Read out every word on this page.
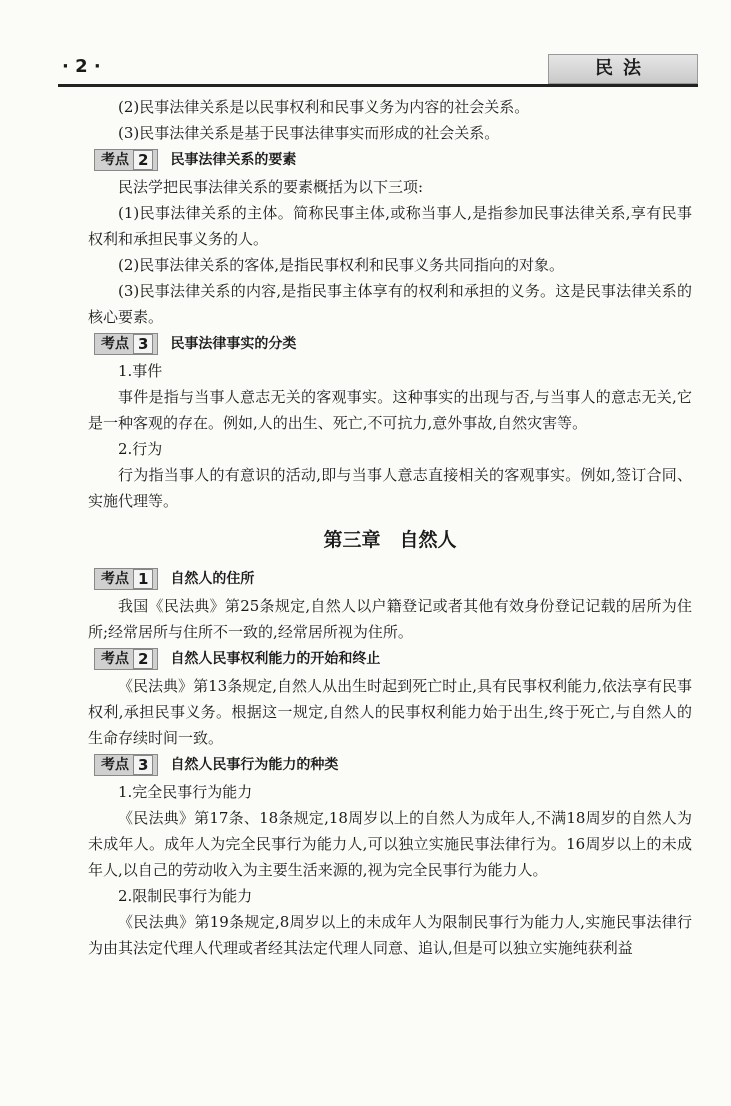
· 2 ·	民法

(2)民事法律关系是以民事权利和民事义务为内容的社会关系。

(3)民事法律关系是基于民事法律事实而形成的社会关系。

考点 2	民事法律关系的要素

民法学把民事法律关系的要素概括为以下三项:

(1)民事法律关系的主体。简称民事主体,或称当事人,是指参加民事法律关系,享有民事权利和承担民事义务的人。

(2)民事法律关系的客体,是指民事权利和民事义务共同指向的对象。

(3)民事法律关系的内容,是指民事主体享有的权利和承担的义务。这是民事法律关系的核心要素。

考点 3	民事法律事实的分类

1.事件

事件是指与当事人意志无关的客观事实。这种事实的出现与否,与当事人的意志无关,它是一种客观的存在。例如,人的出生、死亡,不可抗力,意外事故,自然灾害等。

2.行为

行为指当事人的有意识的活动,即与当事人意志直接相关的客观事实。例如,签订合同、实施代理等。

第三章　自然人
考点 1	自然人的住所

我国《民法典》第25条规定,自然人以户籍登记或者其他有效身份登记记载的居所为住所;经常居所与住所不一致的,经常居所视为住所。

考点 2	自然人民事权利能力的开始和终止

《民法典》第13条规定,自然人从出生时起到死亡时止,具有民事权利能力,依法享有民事权利,承担民事义务。根据这一规定,自然人的民事权利能力始于出生,终于死亡,与自然人的生命存续时间一致。

考点 3	自然人民事行为能力的种类

1.完全民事行为能力

《民法典》第17条、18条规定,18周岁以上的自然人为成年人,不满18周岁的自然人为未成年人。成年人为完全民事行为能力人,可以独立实施民事法律行为。16周岁以上的未成年人,以自己的劳动收入为主要生活来源的,视为完全民事行为能力人。

2.限制民事行为能力

《民法典》第19条规定,8周岁以上的未成年人为限制民事行为能力人,实施民事法律行为由其法定代理人代理或者经其法定代理人同意、追认,但是可以独立实施纯获利益
